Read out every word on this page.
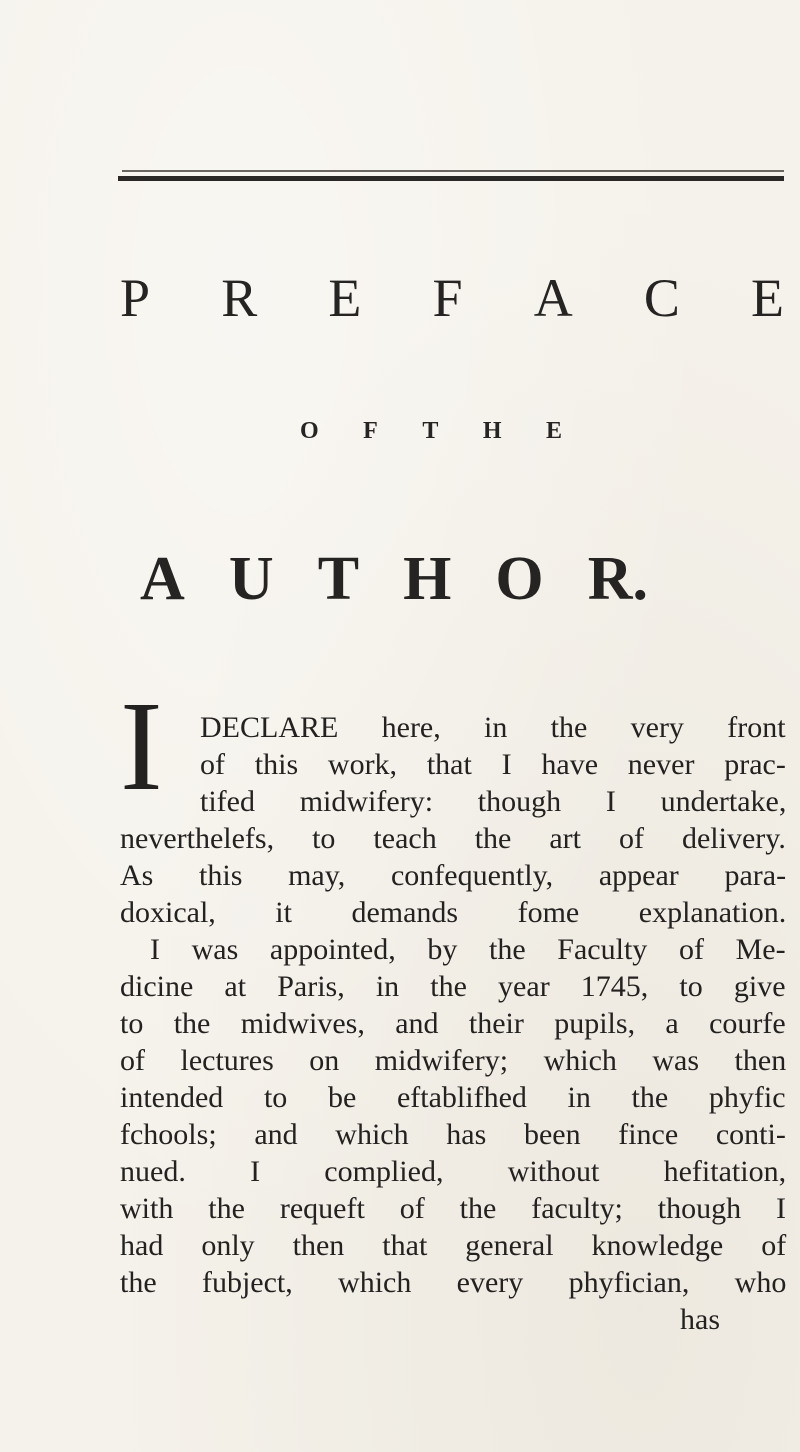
P R E F A C E
O F T H E
A U T H O R.
I DECLARE here, in the very front
of this work, that I have never prac-
tifed midwifery: though I undertake,
neverthelefs, to teach the art of delivery.
As this may, confequently, appear para-
doxical, it demands fome explanation.
I was appointed, by the Faculty of Me-
dicine at Paris, in the year 1745, to give
to the midwives, and their pupils, a courfe
of lectures on midwifery; which was then
intended to be eftablifhed in the phyfic
fchools; and which has been fince conti-
nued. I complied, without hefitation,
with the requeft of the faculty; though I
had only then that general knowledge of
the fubject, which every phyfician, who
has
